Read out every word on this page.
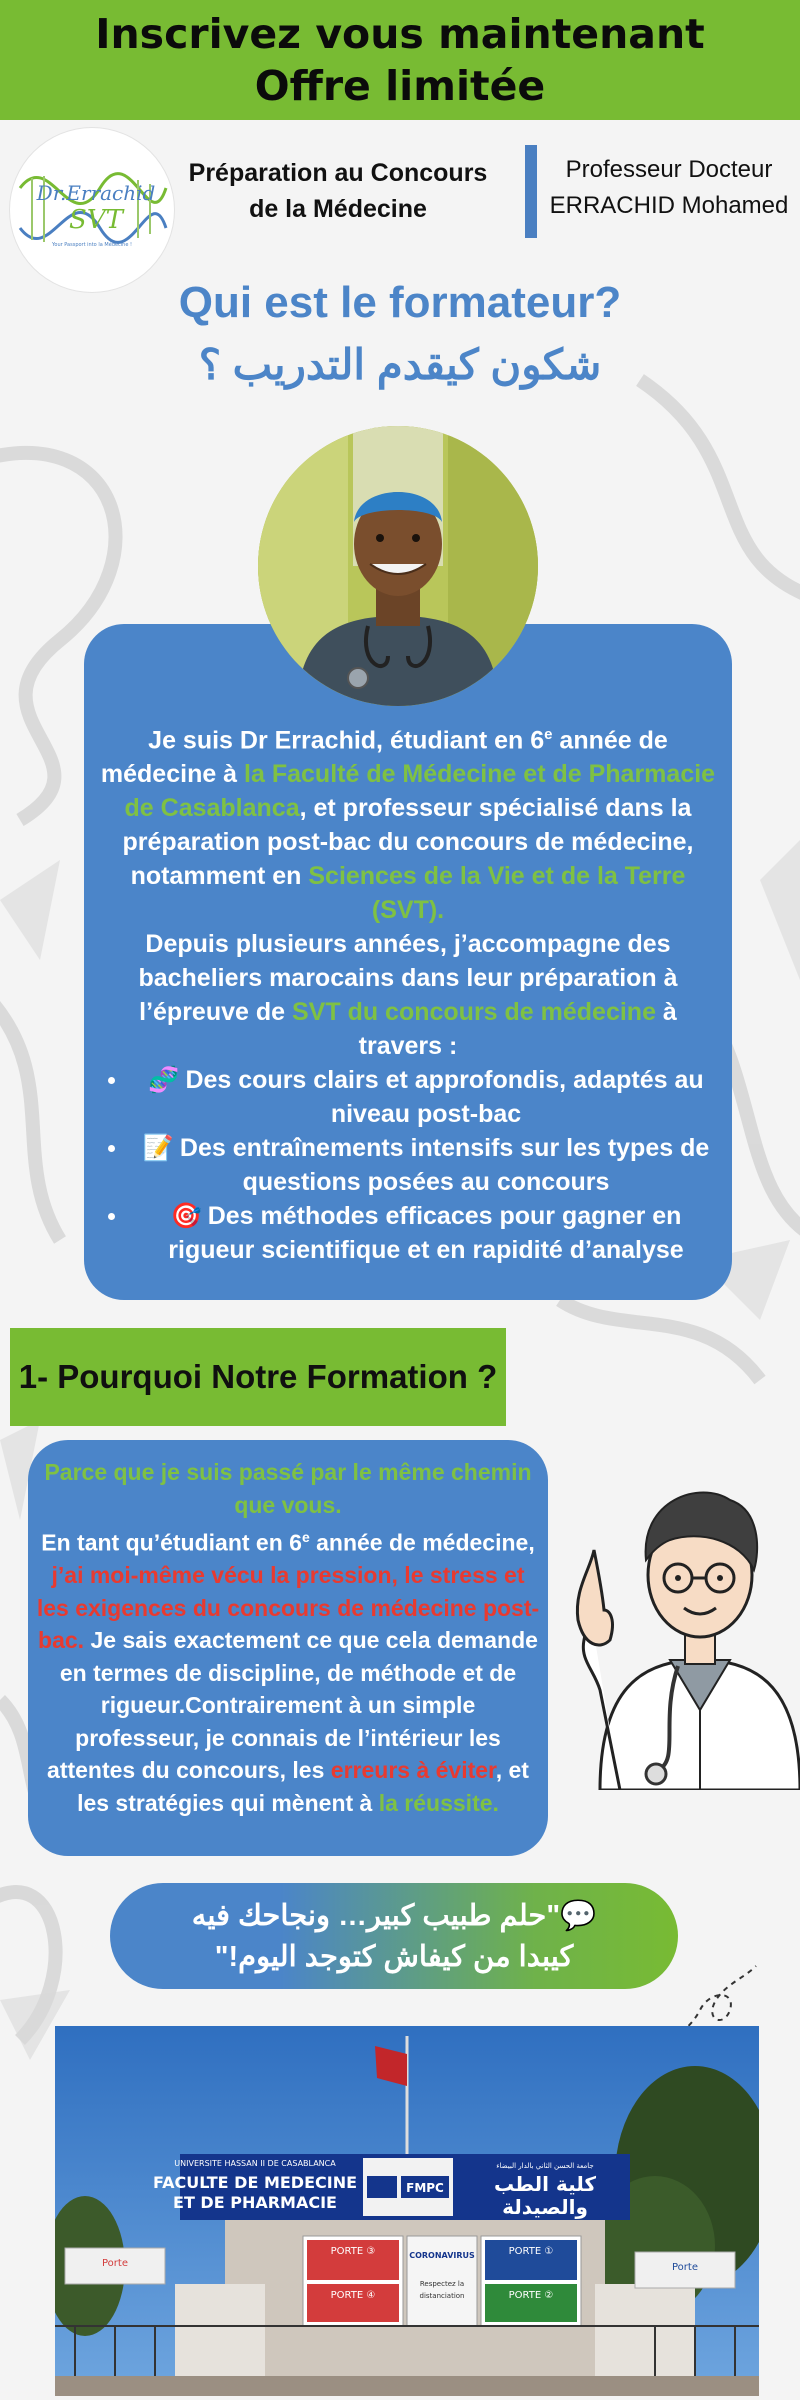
Inscrivez vous maintenant
Offre limitée
Dr.Errachid
SVT
Your Passport into la Médecine !
Préparation au Concours
de la Médecine
Professeur Docteur
ERRACHID Mohamed
Qui est le formateur?
شكون كيقدم التدريب ؟

Je suis Dr Errachid, étudiant en 6e année de médecine à la Faculté de Médecine et de Pharmacie de Casablanca, et professeur spécialisé dans la préparation post-bac du concours de médecine, notamment en Sciences de la Vie et de la Terre (SVT).

Depuis plusieurs années, j’accompagne des bacheliers marocains dans leur préparation à l’épreuve de SVT du concours de médecine à travers :

🧬 Des cours clairs et approfondis, adaptés au niveau post-bac
📝 Des entraînements intensifs sur les types de questions posées au concours
🎯 Des méthodes efficaces pour gagner en rigueur scientifique et en rapidité d’analyse
1- Pourquoi Notre Formation ?
Parce que je suis passé par le même chemin que vous.
En tant qu’étudiant en 6e année de médecine, j’ai moi-même vécu la pression, le stress et les exigences du concours de médecine post-bac. Je sais exactement ce que cela demande en termes de discipline, de méthode et de rigueur.Contrairement à un simple professeur, je connais de l’intérieur les attentes du concours, les erreurs à éviter, et les stratégies qui mènent à la réussite.
💬"حلم طبيب كبير… ونجاحك فيه
كيبدا من كيفاش كتوجد اليوم!"
UNIVERSITE HASSAN II DE CASABLANCA
FACULTE DE MEDECINE
ET DE PHARMACIE
FMPC
جامعة الحسن الثاني بالدار البيضاء
كلية الطب
والصيدلة
PORTE ③
PORTE ④
CORONAVIRUS
Respectez la
distanciation
PORTE ①
PORTE ②
Porte	Porte
